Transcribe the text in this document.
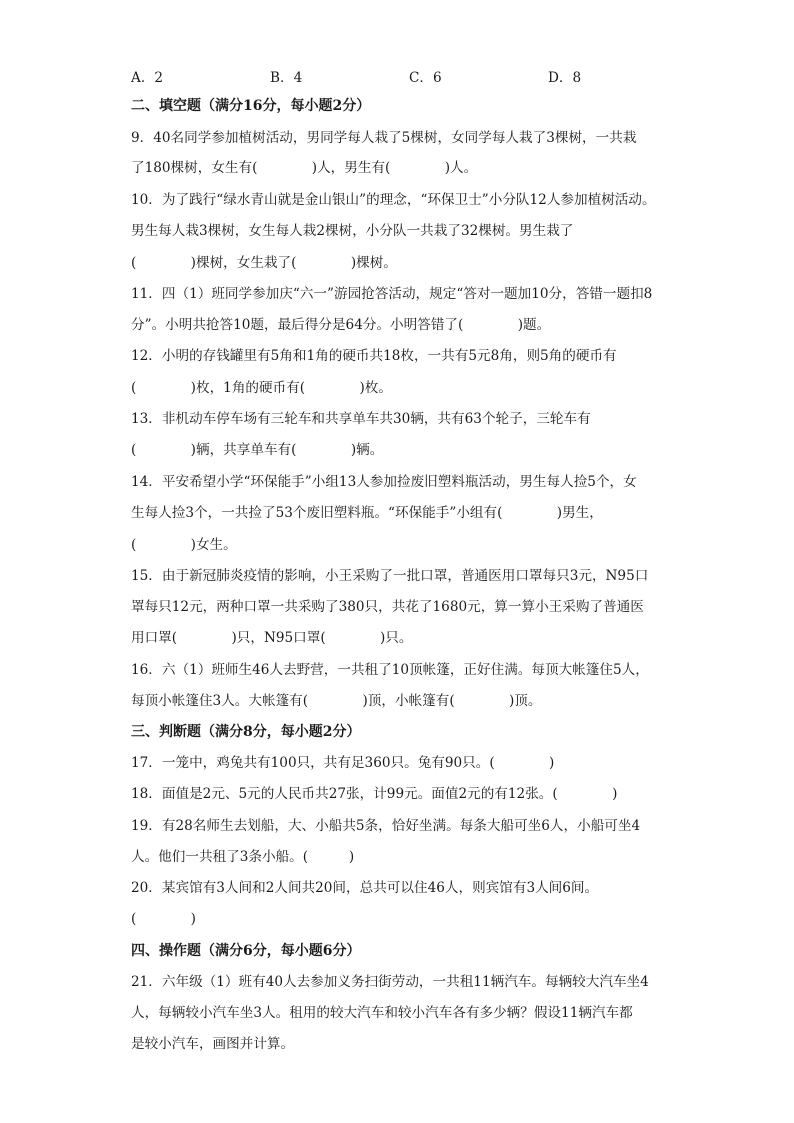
A．2	B．4	C．6	D．8
二、填空题（满分16分，每小题2分）
9．40名同学参加植树活动，男同学每人栽了5棵树，女同学每人栽了3棵树，一共栽
了180棵树，女生有(　　　　)人，男生有(　　　　)人。
10．为了践行“绿水青山就是金山银山”的理念，“环保卫士”小分队12人参加植树活动。
男生每人栽3棵树，女生每人栽2棵树，小分队一共栽了32棵树。男生栽了
(　　　　)棵树，女生栽了(　　　　)棵树。
11．四（1）班同学参加庆“六一”游园抢答活动，规定“答对一题加10分，答错一题扣8
分”。小明共抢答10题，最后得分是64分。小明答错了(　　　　)题。
12．小明的存钱罐里有5角和1角的硬币共18枚，一共有5元8角，则5角的硬币有
(　　　　)枚，1角的硬币有(　　　　)枚。
13．非机动车停车场有三轮车和共享单车共30辆，共有63个轮子，三轮车有
(　　　　)辆，共享单车有(　　　　)辆。
14．平安希望小学“环保能手”小组13人参加捡废旧塑料瓶活动，男生每人捡5个，女
生每人捡3个，一共捡了53个废旧塑料瓶。“环保能手”小组有(　　　　)男生，
(　　　　)女生。
15．由于新冠肺炎疫情的影响，小王采购了一批口罩，普通医用口罩每只3元，N95口
罩每只12元，两种口罩一共采购了380只，共花了1680元，算一算小王采购了普通医
用口罩(　　　　)只，N95口罩(　　　　)只。
16．六（1）班师生46人去野营，一共租了10顶帐篷，正好住满。每顶大帐篷住5人，
每顶小帐篷住3人。大帐篷有(　　　　)顶，小帐篷有(　　　　)顶。
三、判断题（满分8分，每小题2分）
17．一笼中，鸡兔共有100只，共有足360只。兔有90只。(　　　　)
18．面值是2元、5元的人民币共27张，计99元。面值2元的有12张。(　　　　)
19．有28名师生去划船，大、小船共5条，恰好坐满。每条大船可坐6人，小船可坐4
人。他们一共租了3条小船。(　　　)
20．某宾馆有3人间和2人间共20间，总共可以住46人，则宾馆有3人间6间。
(　　　　)
四、操作题（满分6分，每小题6分）
21．六年级（1）班有40人去参加义务扫街劳动，一共租11辆汽车。每辆较大汽车坐4
人，每辆较小汽车坐3人。租用的较大汽车和较小汽车各有多少辆？假设11辆汽车都
是较小汽车，画图并计算。
